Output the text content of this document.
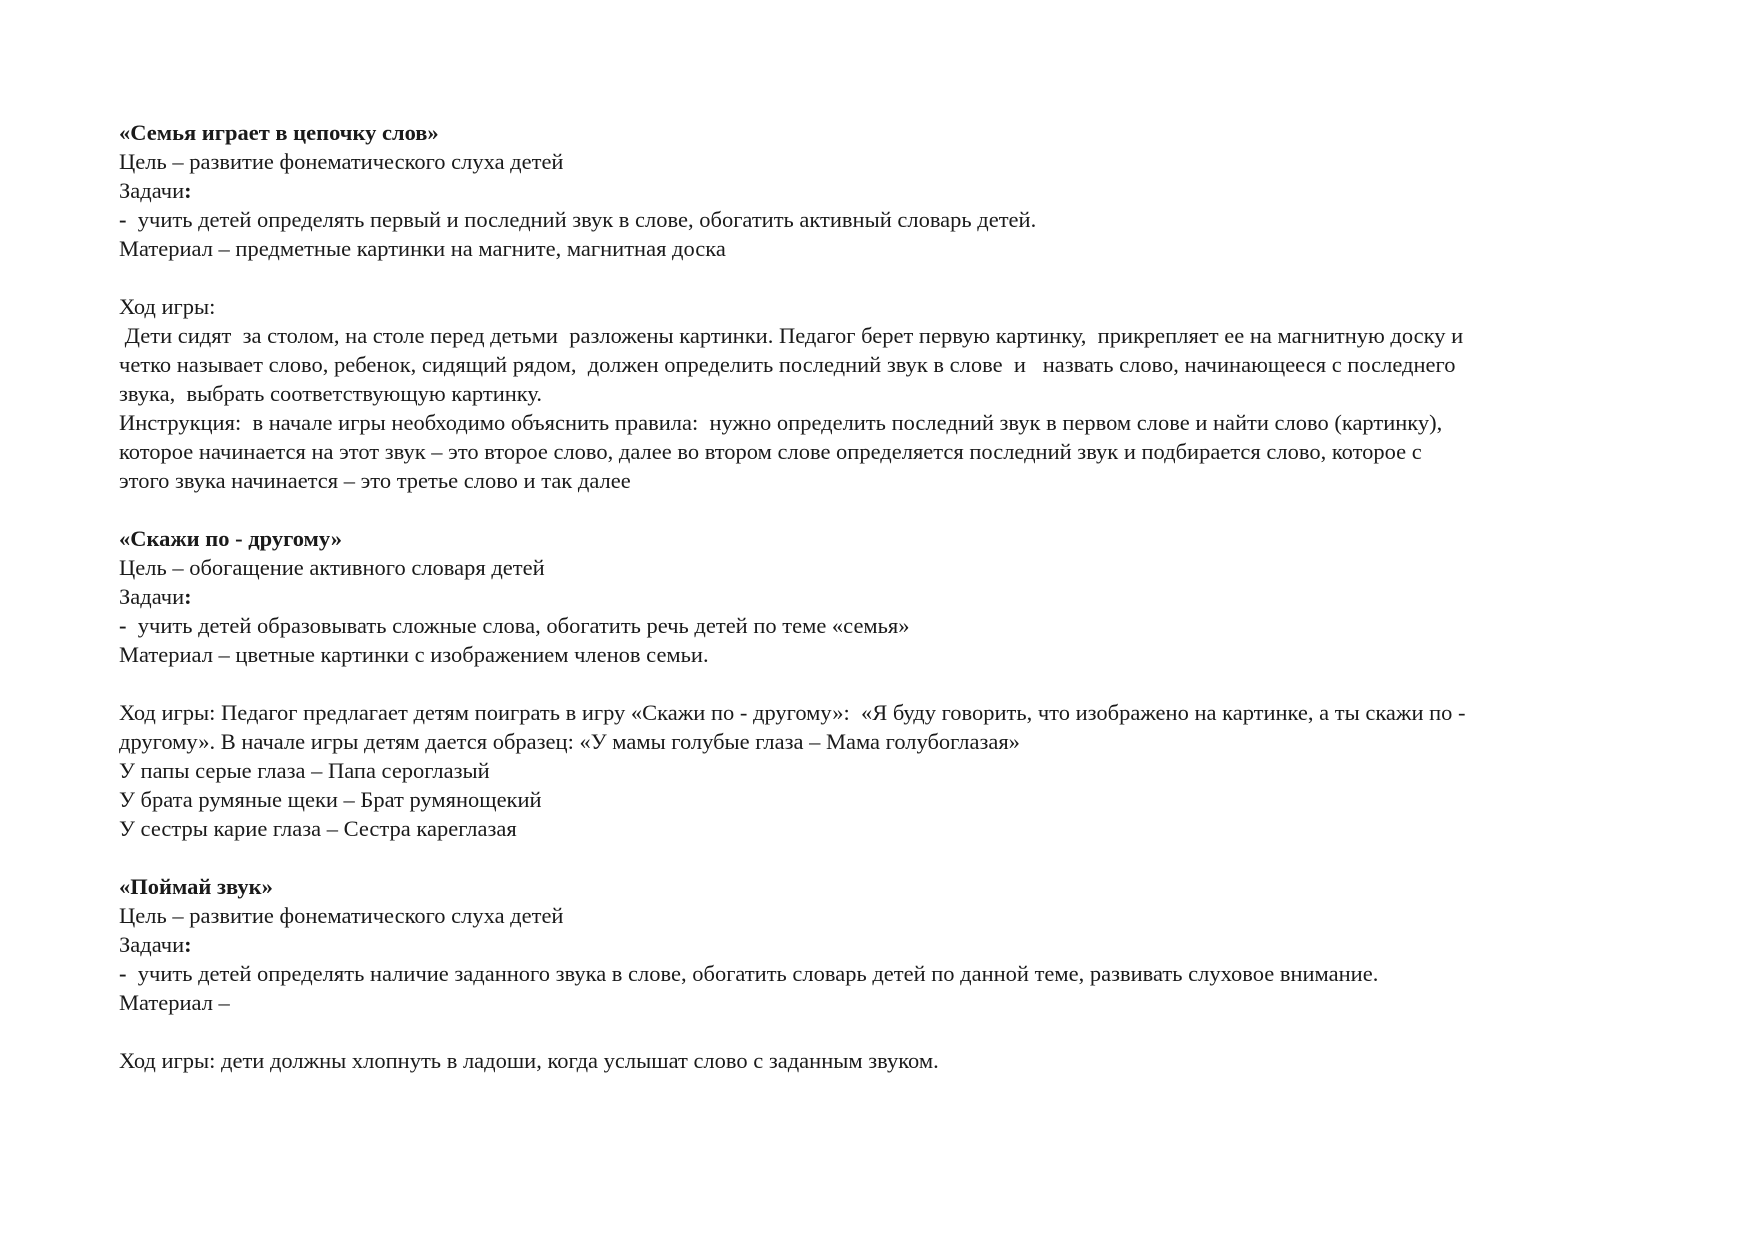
«Семья играет в цепочку слов»
Цель – развитие фонематического слуха детей
Задачи:
-  учить детей определять первый и последний звук в слове, обогатить активный словарь детей.
Материал – предметные картинки на магните, магнитная доска
Ход игры:
Дети сидят  за столом, на столе перед детьми  разложены картинки. Педагог берет первую картинку,  прикрепляет ее на магнитную доску и
четко называет слово, ребенок, сидящий рядом,  должен определить последний звук в слове  и   назвать слово, начинающееся с последнего
звука,  выбрать соответствующую картинку.
Инструкция:  в начале игры необходимо объяснить правила:  нужно определить последний звук в первом слове и найти слово (картинку),
которое начинается на этот звук – это второе слово, далее во втором слове определяется последний звук и подбирается слово, которое с
этого звука начинается – это третье слово и так далее
«Скажи по - другому»
Цель – обогащение активного словаря детей
Задачи:
-  учить детей образовывать сложные слова, обогатить речь детей по теме «семья»
Материал – цветные картинки с изображением членов семьи.
Ход игры: Педагог предлагает детям поиграть в игру «Скажи по - другому»:  «Я буду говорить, что изображено на картинке, а ты скажи по -
другому». В начале игры детям дается образец: «У мамы голубые глаза – Мама голубоглазая»
У папы серые глаза – Папа сероглазый
У брата румяные щеки – Брат румянощекий
У сестры карие глаза – Сестра кареглазая
«Поймай звук»
Цель – развитие фонематического слуха детей
Задачи:
-  учить детей определять наличие заданного звука в слове, обогатить словарь детей по данной теме, развивать слуховое внимание.
Материал –
Ход игры: дети должны хлопнуть в ладоши, когда услышат слово с заданным звуком.
